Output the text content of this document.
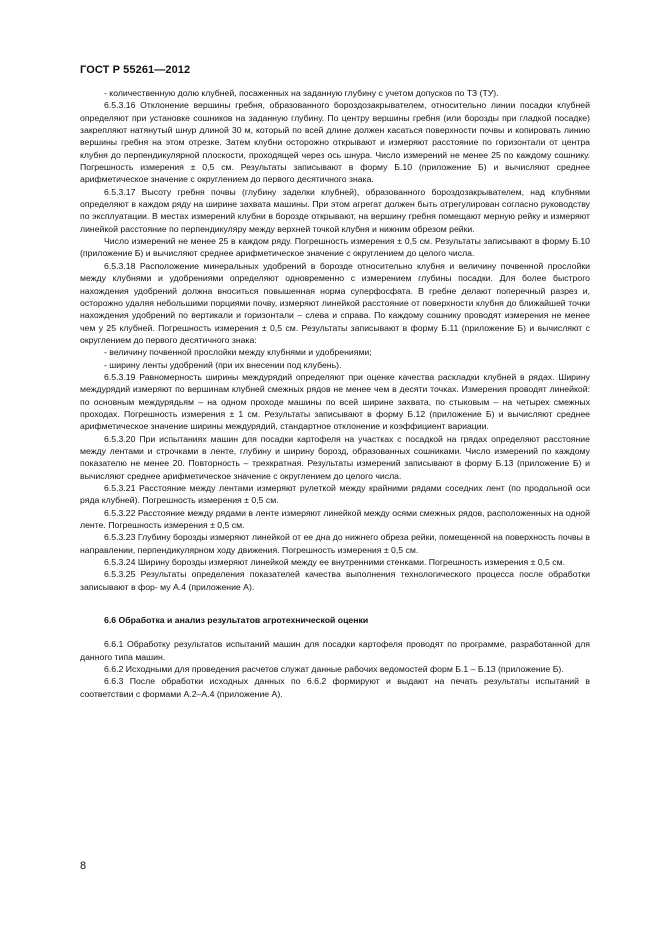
ГОСТ Р 55261—2012

- количественную долю клубней, посаженных на заданную глубину с учетом допусков по ТЗ (ТУ).

6.5.3.16 Отклонение вершины гребня, образованного бороздозакрывателем, относительно линии посадки клубней определяют при установке сошников на заданную глубину. По центру вершины гребня (или борозды при гладкой посадке) закрепляют натянутый шнур длиной 30 м, который по всей длине должен касаться поверхности почвы и копировать линию вершины гребня на этом отрезке. Затем клубни осторожно открывают и измеряют расстояние по горизонтали от центра клубня до перпендикулярной плоскости, проходящей через ось шнура. Число измерений не менее 25 по каждому сошнику. Погрешность измерения ± 0,5 см. Результаты записывают в форму Б.10 (приложение Б) и вычисляют среднее арифметическое значение с округлением до первого десятичного знака.

6.5.3.17 Высоту гребня почвы (глубину заделки клубней), образованного бороздозакрывателем, над клубнями определяют в каждом ряду на ширине захвата машины. При этом агрегат должен быть отрегулирован согласно руководству по эксплуатации. В местах измерений клубни в борозде открывают, на вершину гребня помещают мерную рейку и измеряют линейкой расстояние по перпендикуляру между верхней точкой клубня и нижним обрезом рейки.

Число измерений не менее 25 в каждом ряду. Погрешность измерения ± 0,5 см. Результаты записывают в форму Б.10 (приложение Б) и вычисляют среднее арифметическое значение с округлением до целого числа.

6.5.3.18 Расположение минеральных удобрений в борозде относительно клубня и величину почвенной прослойки между клубнями и удобрениями определяют одновременно с измерением глубины посадки. Для более быстрого нахождения удобрений должна вноситься повышенная норма суперфосфата. В гребне делают поперечный разрез и, осторожно удаляя небольшими порциями почву, измеряют линейкой расстояние от поверхности клубня до ближайшей точки нахождения удобрений по вертикали и горизонтали – слева и справа. По каждому сошнику проводят измерения не менее чем у 25 клубней. Погрешность измерения ± 0,5 см. Результаты записывают в форму Б.11 (приложение Б) и вычисляют с округлением до первого десятичного знака:

- величину почвенной прослойки между клубнями и удобрениями;

- ширину ленты удобрений (при их внесении под клубень).

6.5.3.19 Равномерность ширины междурядий определяют при оценке качества раскладки клубней в рядах. Ширину междурядий измеряют по вершинам клубней смежных рядов не менее чем в десяти точках. Измерения проводят линейкой: по основным междурядьям – на одном проходе машины по всей ширине захвата, по стыковым – на четырех смежных проходах. Погрешность измерения ± 1 см. Результаты записывают в форму Б.12 (приложение Б) и вычисляют среднее арифметическое значение ширины междурядий, стандартное отклонение и коэффициент вариации.

6.5.3.20 При испытаниях машин для посадки картофеля на участках с посадкой на грядах определяют расстояние между лентами и строчками в ленте, глубину и ширину борозд, образованных сошниками. Число измерений по каждому показателю не менее 20. Повторность – трехкратная. Результаты измерений записывают в форму Б.13 (приложение Б) и вычисляют среднее арифметическое значение с округлением до целого числа.

6.5.3.21 Расстояние между лентами измеряют рулеткой между крайними рядами соседних лент (по продольной оси ряда клубней). Погрешность измерения ± 0,5 см.

6.5.3.22 Расстояние между рядами в ленте измеряют линейкой между осями смежных рядов, расположенных на одной ленте. Погрешность измерения ± 0,5 см.

6.5.3.23 Глубину борозды измеряют линейкой от ее дна до нижнего обреза рейки, помещенной на поверхность почвы в направлении, перпендикулярном ходу движения. Погрешность измерения ± 0,5 см.

6.5.3.24 Ширину борозды измеряют линейкой между ее внутренними стенками. Погрешность измерения ± 0,5 см.

6.5.3.25 Результаты определения показателей качества выполнения технологического процесса после обработки записывают в фор- му А.4 (приложение А).

6.6 Обработка и анализ результатов агротехнической оценки

6.6.1 Обработку результатов испытаний машин для посадки картофеля проводят по программе, разработанной для данного типа машин.

6.6.2 Исходными для проведения расчетов служат данные рабочих ведомостей форм Б.1 – Б.13 (приложение Б).

6.6.3 После обработки исходных данных по 6.6.2 формируют и выдают на печать результаты испытаний в соответствии с формами А.2–А.4 (приложение А).

8
